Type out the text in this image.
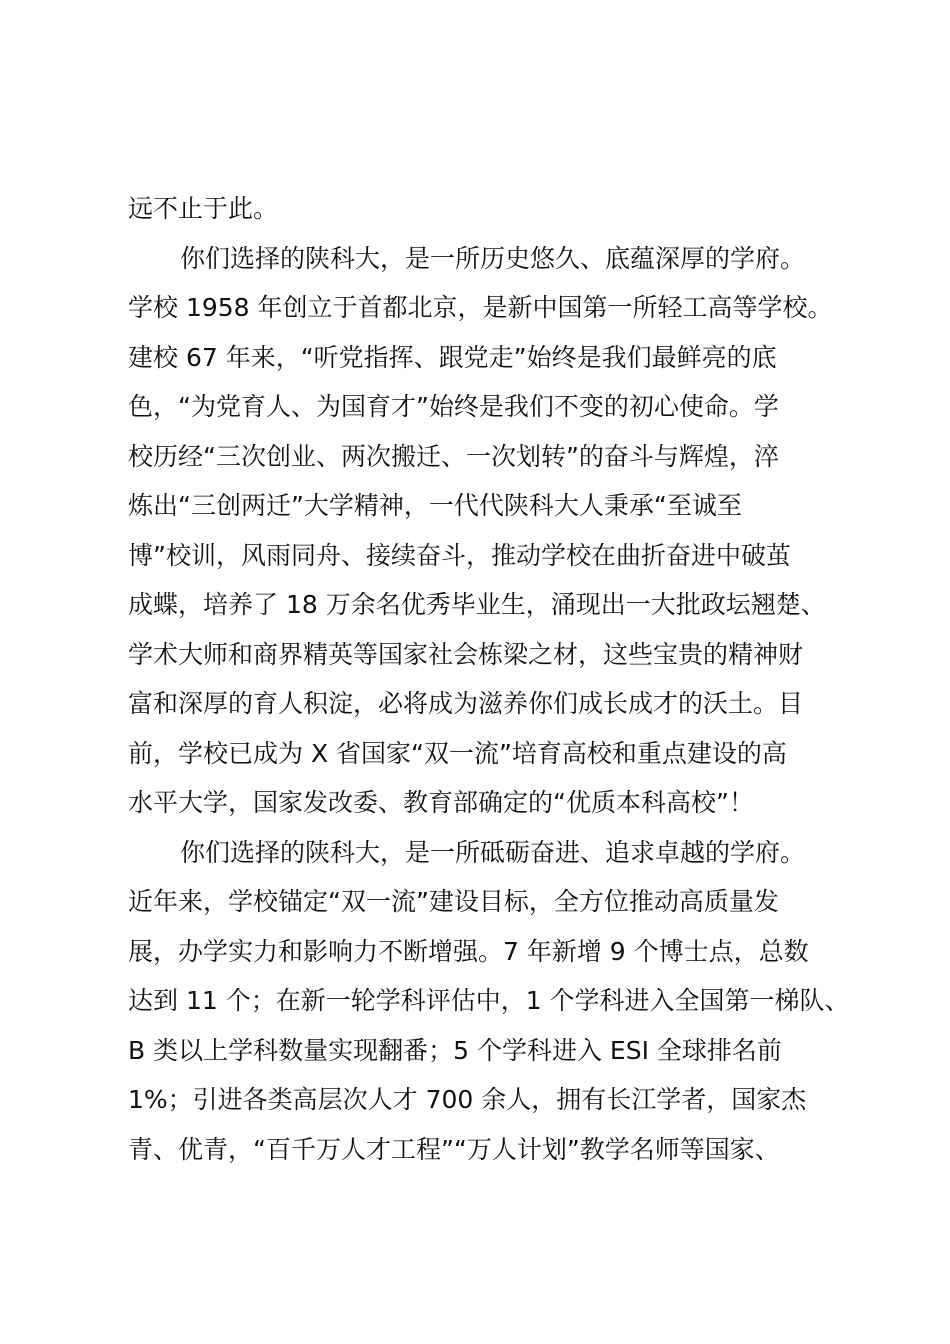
远不止于此。
你们选择的陕科大，是一所历史悠久、底蕴深厚的学府。
学校 1958 年创立于首都北京，是新中国第一所轻工高等学校。
建校 67 年来，“听党指挥、跟党走”始终是我们最鲜亮的底
色，“为党育人、为国育才”始终是我们不变的初心使命。学
校历经“三次创业、两次搬迁、一次划转”的奋斗与辉煌，淬
炼出“三创两迁”大学精神，一代代陕科大人秉承“至诚至
博”校训，风雨同舟、接续奋斗，推动学校在曲折奋进中破茧
成蝶，培养了 18 万余名优秀毕业生，涌现出一大批政坛翘楚、
学术大师和商界精英等国家社会栋梁之材，这些宝贵的精神财
富和深厚的育人积淀，必将成为滋养你们成长成才的沃土。目
前，学校已成为 X 省国家“双一流”培育高校和重点建设的高
水平大学，国家发改委、教育部确定的“优质本科高校”！
你们选择的陕科大，是一所砥砺奋进、追求卓越的学府。
近年来，学校锚定“双一流”建设目标，全方位推动高质量发
展，办学实力和影响力不断增强。7 年新增 9 个博士点，总数
达到 11 个；在新一轮学科评估中，1 个学科进入全国第一梯队、
B 类以上学科数量实现翻番；5 个学科进入 ESI 全球排名前
1%；引进各类高层次人才 700 余人，拥有长江学者，国家杰
青、优青，“百千万人才工程”“万人计划”教学名师等国家、
